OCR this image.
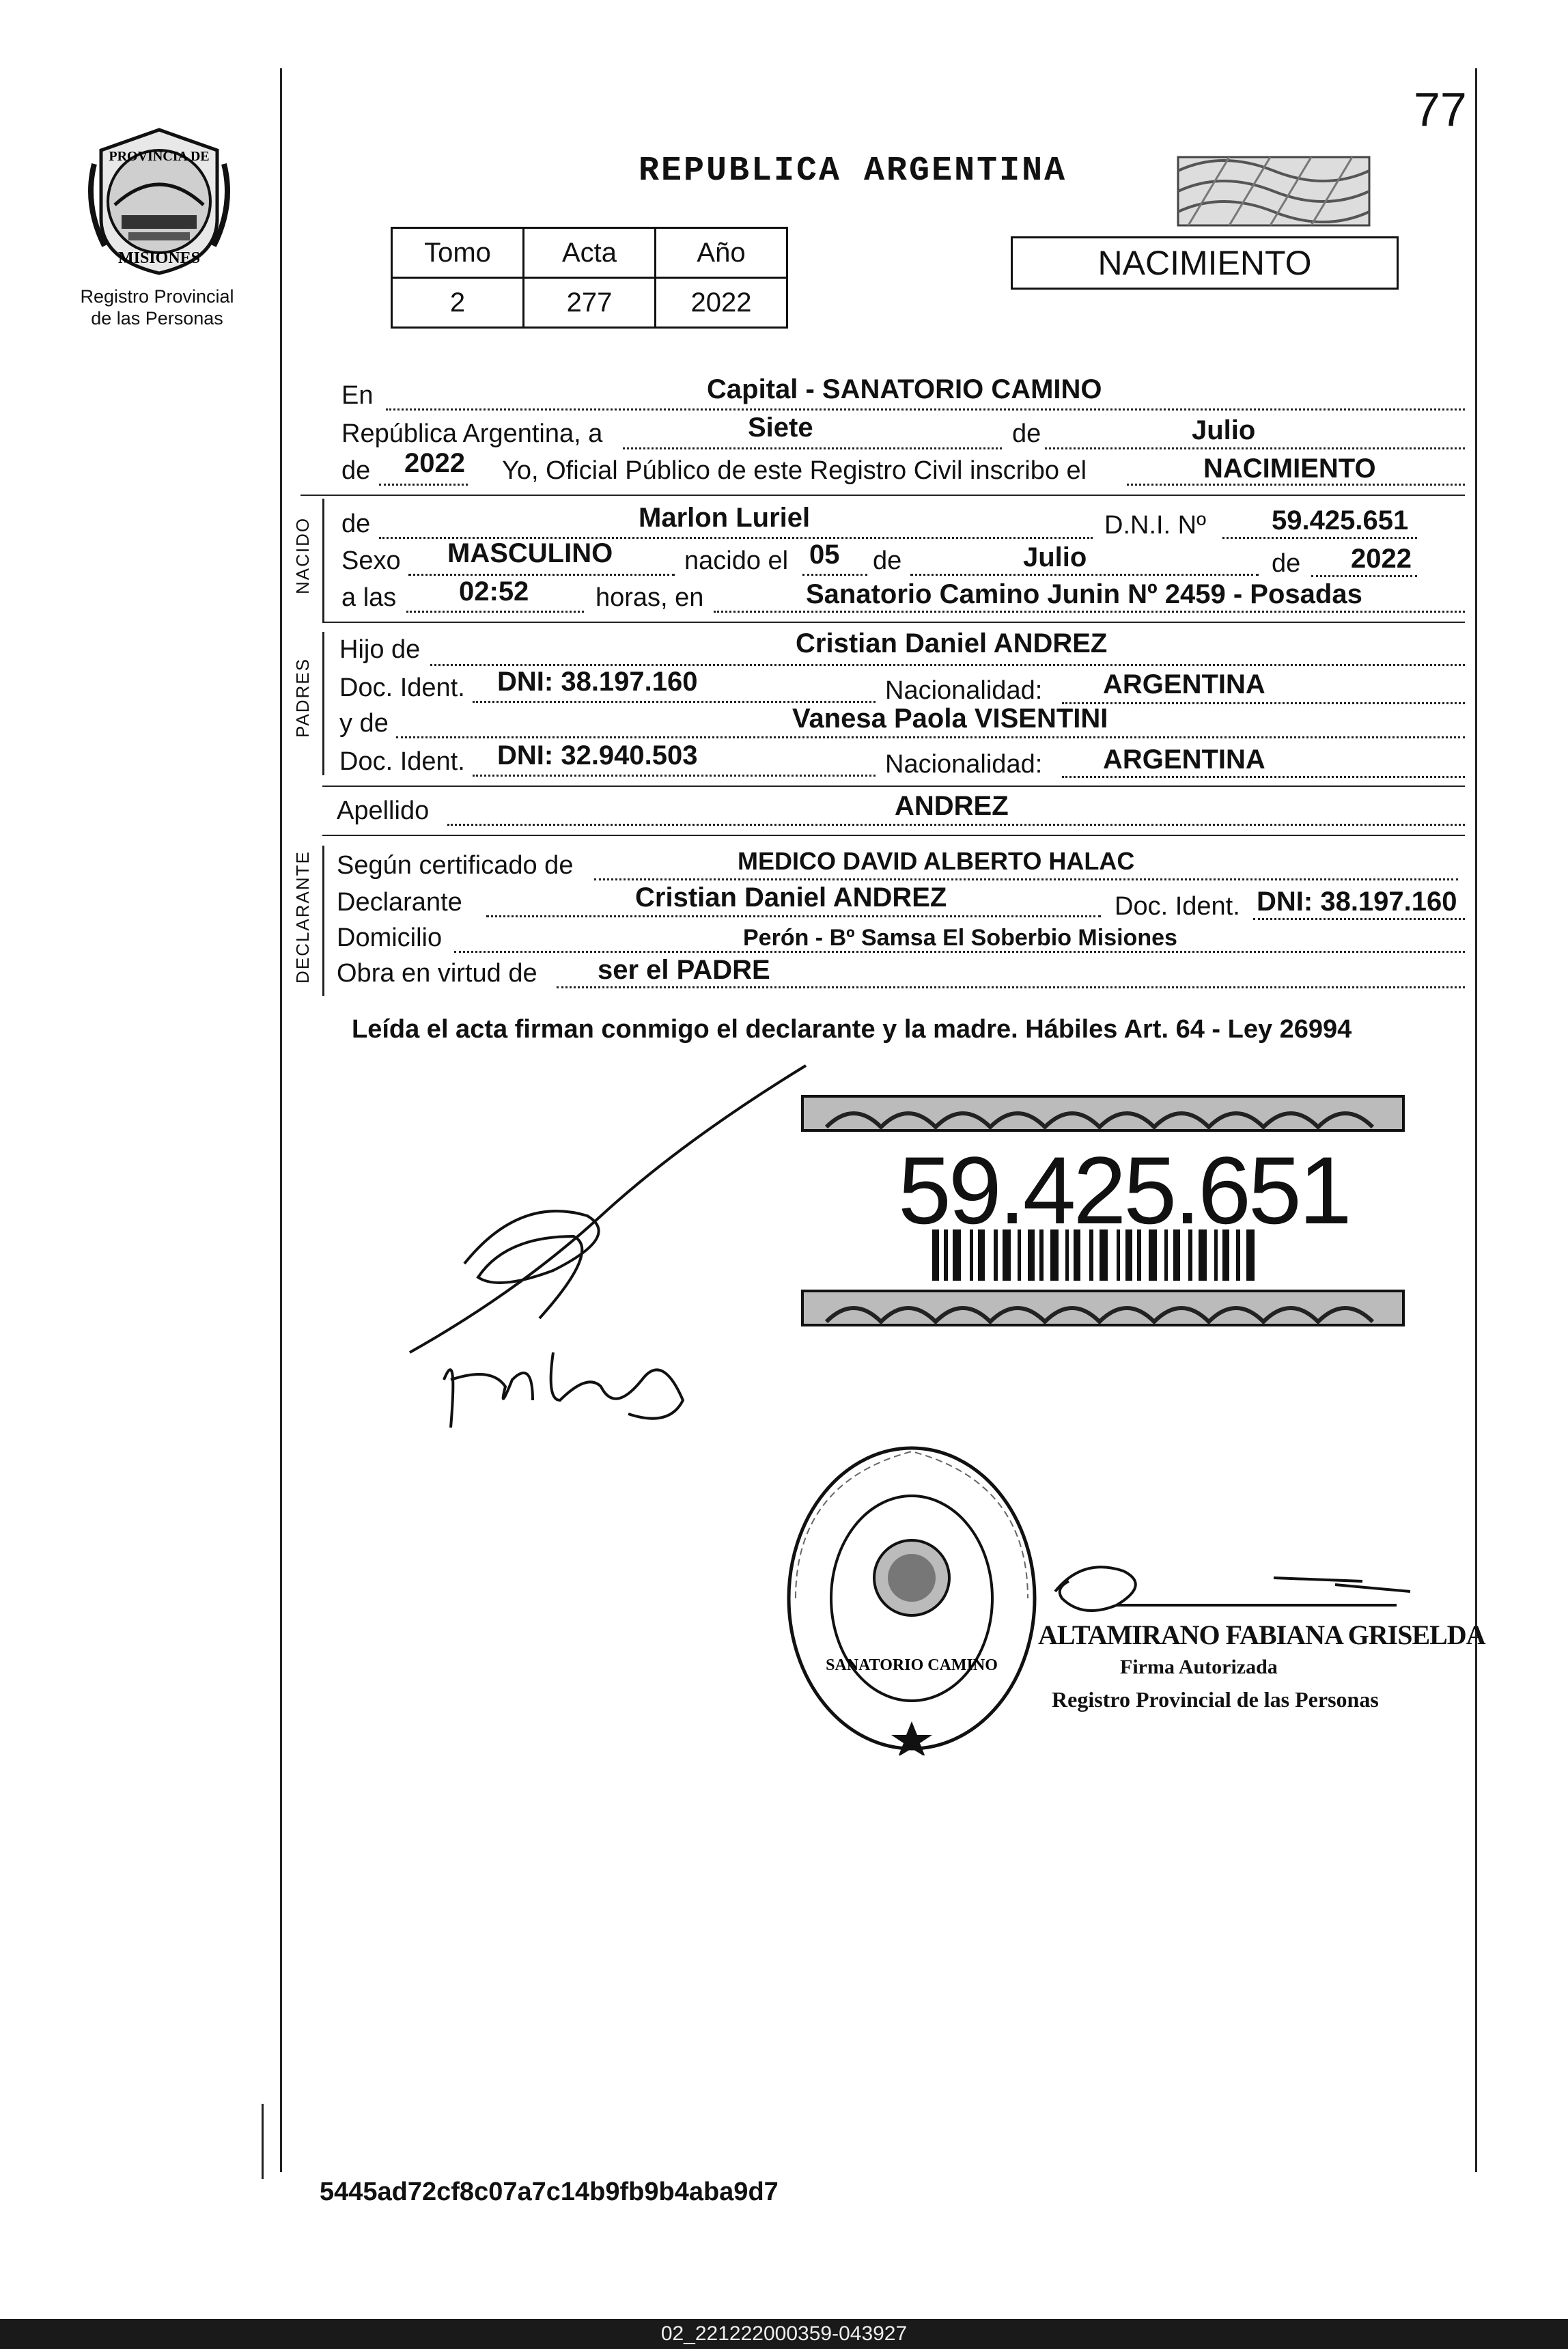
77
PROVINCIA DE
MISIONES
Registro Provincial
de las Personas
REPUBLICA ARGENTINA
Tomo	Acta	Año
2	277	2022
NACIMIENTO
En	Capital - SANATORIO CAMINO
República Argentina, a	Siete	de	Julio
de 2022 Yo, Oficial Público de este Registro Civil inscribo el	NACIMIENTO
NACIDO de	Marlon Luriel	D.N.I. Nº 59.425.651
Sexo MASCULINO	nacido el 05 de	Julio	de 2022
a las 02:52	horas, en	Sanatorio Camino Junin Nº 2459 - Posadas
PADRES
Hijo de	Cristian Daniel ANDREZ
Doc. Ident. DNI: 38.197.160	Nacionalidad: ARGENTINA
y de	Vanesa Paola VISENTINI
Doc. Ident. DNI: 32.940.503	Nacionalidad: ARGENTINA
Apellido	ANDREZ
DECLARANTE Según certificado de	MEDICO DAVID ALBERTO HALAC
Declarante	Cristian Daniel ANDREZ	Doc. Ident. DNI: 38.197.160
Domicilio	Perón - Bº Samsa El Soberbio Misiones
Obra en virtud de ser el PADRE
Leída el acta firman conmigo el declarante y la madre. Hábiles Art. 64 - Ley 26994
59.425.651
SANATORIO CAMINO
ALTAMIRANO FABIANA GRISELDA
Firma Autorizada
Registro Provincial de las Personas
5445ad72cf8c07a7c14b9fb9b4aba9d7
02_221222000359-043927
